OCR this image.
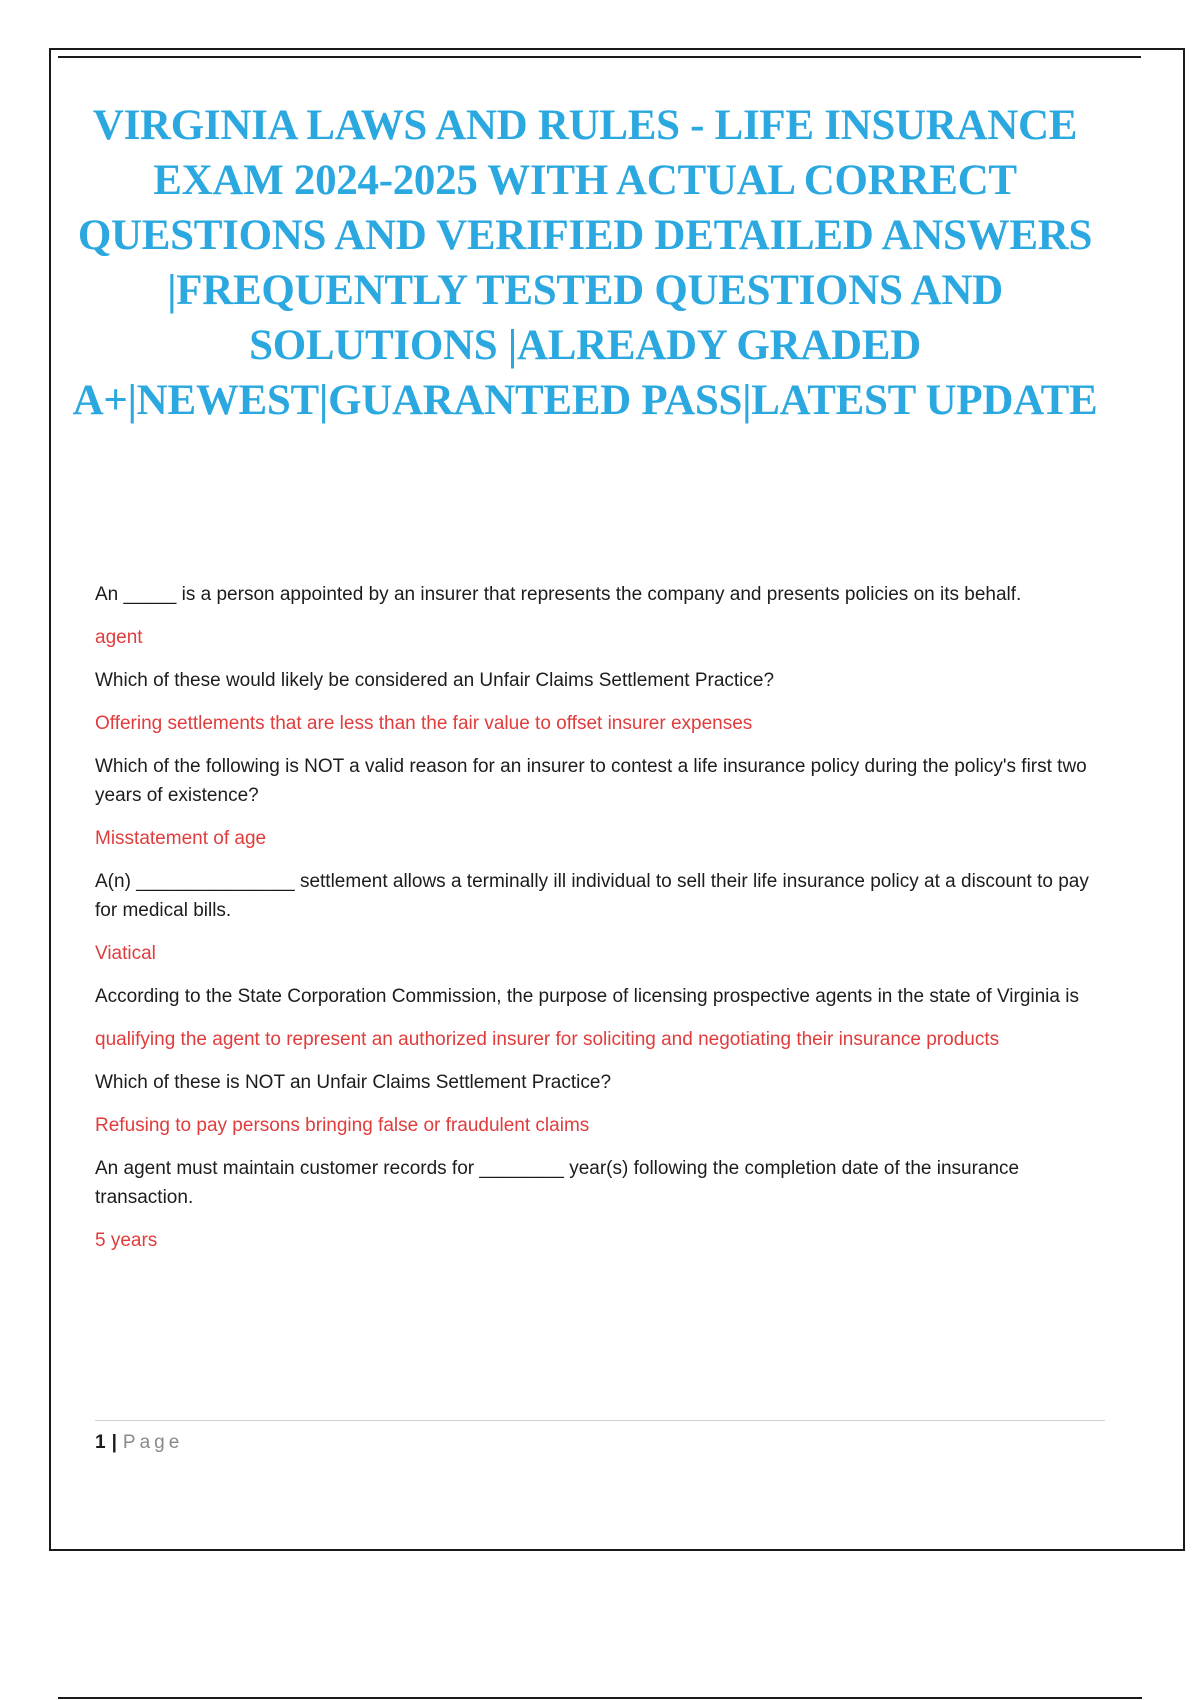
VIRGINIA LAWS AND RULES - LIFE INSURANCE EXAM 2024-2025 WITH ACTUAL CORRECT QUESTIONS AND VERIFIED DETAILED ANSWERS |FREQUENTLY TESTED QUESTIONS AND SOLUTIONS |ALREADY GRADED A+|NEWEST|GUARANTEED PASS|LATEST UPDATE

An _____ is a person appointed by an insurer that represents the company and presents policies on its behalf.

agent

Which of these would likely be considered an Unfair Claims Settlement Practice?

Offering settlements that are less than the fair value to offset insurer expenses

Which of the following is NOT a valid reason for an insurer to contest a life insurance policy during the policy's first two years of existence?

Misstatement of age

A(n) _______________ settlement allows a terminally ill individual to sell their life insurance policy at a discount to pay for medical bills.

Viatical

According to the State Corporation Commission, the purpose of licensing prospective agents in the state of Virginia is

qualifying the agent to represent an authorized insurer for soliciting and negotiating their insurance products

Which of these is NOT an Unfair Claims Settlement Practice?

Refusing to pay persons bringing false or fraudulent claims

An agent must maintain customer records for ________ year(s) following the completion date of the insurance transaction.

5 years

1 | Page
